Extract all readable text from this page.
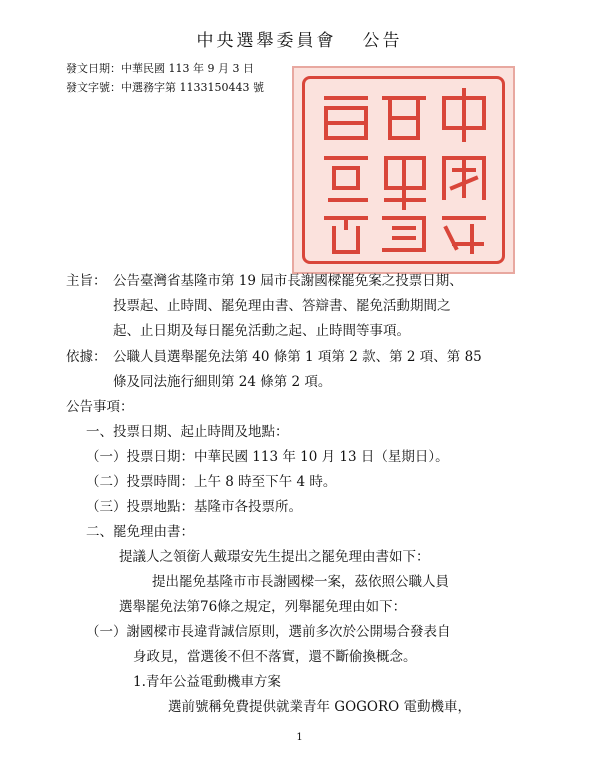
中央選舉委員會 公告
發文日期：中華民國 113 年 9 月 3 日
發文字號：中選務字第 1133150443 號
主旨： 公告臺灣省基隆市第 19 屆市長謝國樑罷免案之投票日期、
投票起、止時間、罷免理由書、答辯書、罷免活動期間之
起、止日期及每日罷免活動之起、止時間等事項。
依據： 公職人員選舉罷免法第 40 條第 1 項第 2 款、第 2 項、第 85
條及同法施行細則第 24 條第 2 項。
公告事項：
一、投票日期、起止時間及地點：
（一）投票日期：中華民國 113 年 10 月 13 日（星期日）。
（二）投票時間：上午 8 時至下午 4 時。
（三）投票地點：基隆市各投票所。
二、罷免理由書：
提議人之領銜人戴璟安先生提出之罷免理由書如下：
提出罷免基隆市市長謝國樑一案，茲依照公職人員
選舉罷免法第76條之規定，列舉罷免理由如下：
（一）謝國樑市長違背誠信原則，選前多次於公開場合發表自
身政見，當選後不但不落實，還不斷偷換概念。
1.青年公益電動機車方案
選前號稱免費提供就業青年 GOGORO 電動機車，
1
